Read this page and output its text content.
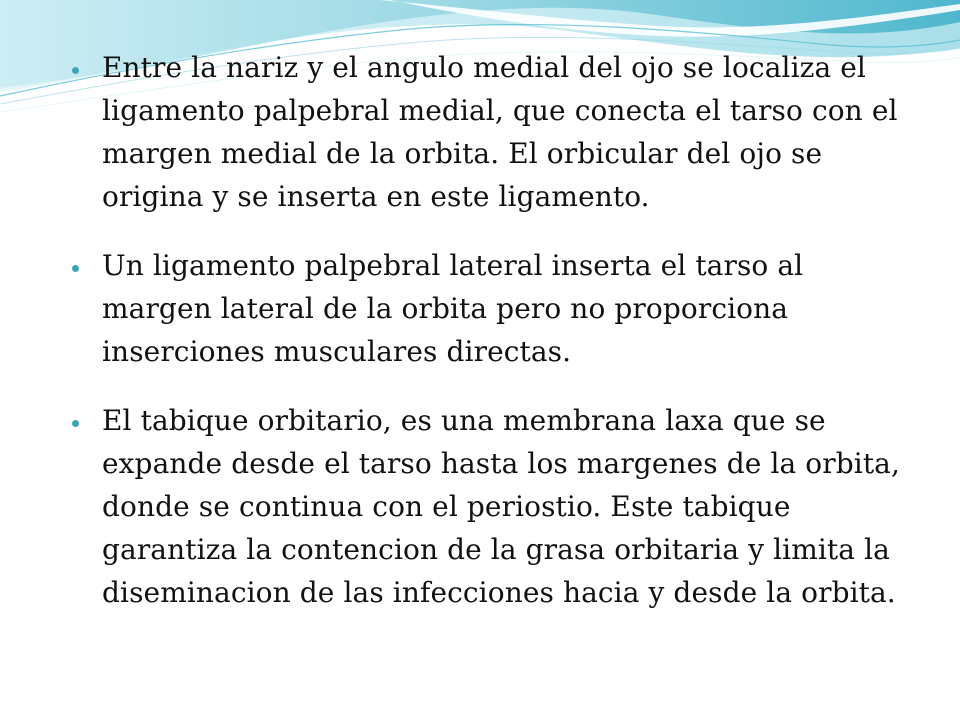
Entre la nariz y el angulo medial del ojo se localiza el ligamento palpebral medial, que conecta el tarso con el margen medial de la orbita. El orbicular del ojo se origina y se inserta en este ligamento.
Un ligamento palpebral lateral inserta el tarso al margen lateral de la orbita pero no proporciona inserciones musculares directas.
El tabique orbitario, es una membrana laxa que se expande desde el tarso hasta los margenes de la orbita, donde se continua con el periostio. Este tabique garantiza la contencion de la grasa orbitaria y limita la diseminacion de las infecciones hacia y desde la orbita.
